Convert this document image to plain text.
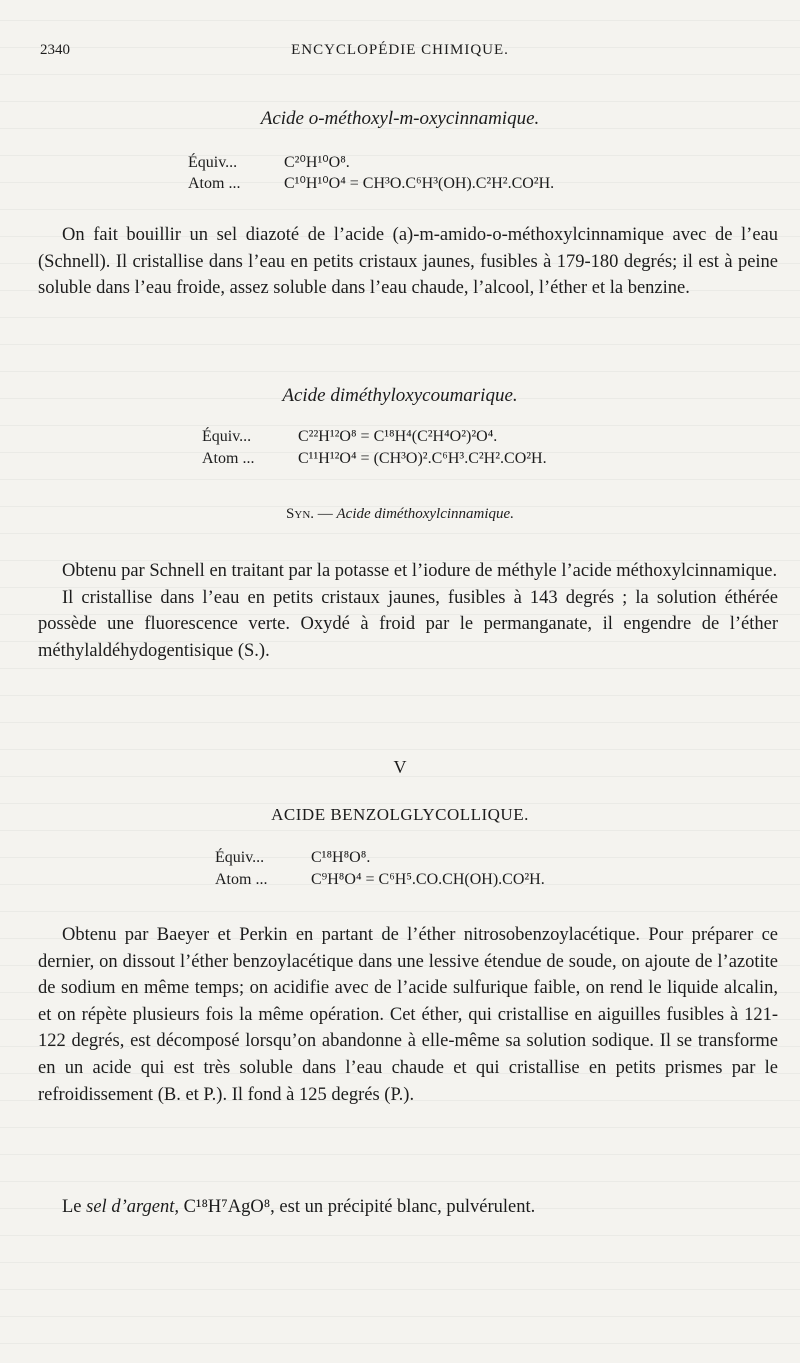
2340	ENCYCLOPÉDIE CHIMIQUE.
Acide o-méthoxyl-m-oxycinnamique.
Équiv...	C²⁰H¹⁰O⁸.
Atom ...	C¹⁰H¹⁰O⁴ = CH³O.C⁶H³(OH).C²H².CO²H.

On fait bouillir un sel diazoté de l’acide (a)-m-amido-o-méthoxylcinnamique avec de l’eau (Schnell). Il cristallise dans l’eau en petits cristaux jaunes, fusibles à 179-180 degrés; il est à peine soluble dans l’eau froide, assez soluble dans l’eau chaude, l’alcool, l’éther et la benzine.

Acide diméthyloxycoumarique.
Équiv...	C²²H¹²O⁸ = C¹⁸H⁴(C²H⁴O²)²O⁴.
Atom ...	C¹¹H¹²O⁴ = (CH³O)².C⁶H³.C²H².CO²H.
Syn. — Acide diméthoxylcinnamique.

Obtenu par Schnell en traitant par la potasse et l’iodure de méthyle l’acide méthoxylcinnamique.

Il cristallise dans l’eau en petits cristaux jaunes, fusibles à 143 degrés ; la solution éthérée possède une fluorescence verte. Oxydé à froid par le permanganate, il engendre de l’éther méthylaldéhydogentisique (S.).

V
ACIDE BENZOLGLYCOLLIQUE.
Équiv...	C¹⁸H⁸O⁸.
Atom ...	C⁹H⁸O⁴ = C⁶H⁵.CO.CH(OH).CO²H.

Obtenu par Baeyer et Perkin en partant de l’éther nitrosobenzoylacétique. Pour préparer ce dernier, on dissout l’éther benzoylacétique dans une lessive étendue de soude, on ajoute de l’azotite de sodium en même temps; on acidifie avec de l’acide sulfurique faible, on rend le liquide alcalin, et on répète plusieurs fois la même opération. Cet éther, qui cristallise en aiguilles fusibles à 121-122 degrés, est décomposé lorsqu’on abandonne à elle-même sa solution sodique. Il se transforme en un acide qui est très soluble dans l’eau chaude et qui cristallise en petits prismes par le refroidissement (B. et P.). Il fond à 125 degrés (P.).

Le sel d’argent, C¹⁸H⁷AgO⁸, est un précipité blanc, pulvérulent.
